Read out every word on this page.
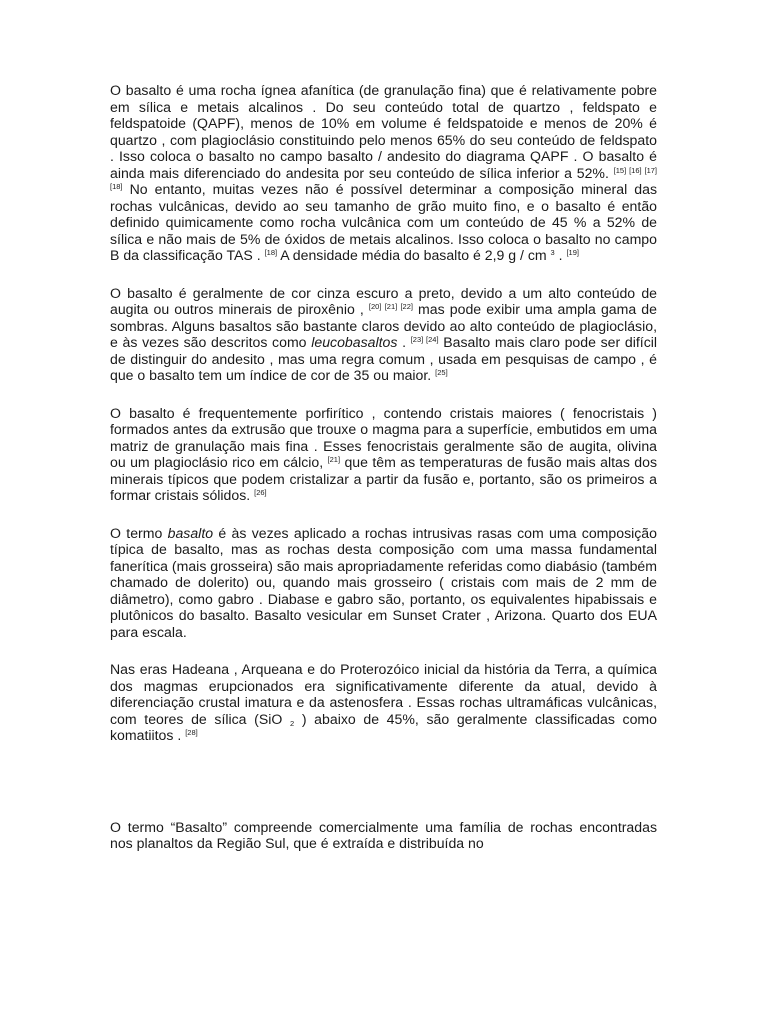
O basalto é uma rocha ígnea afanítica (de granulação fina) que é relativamente pobre em sílica e metais alcalinos . Do seu conteúdo total de quartzo , feldspato e feldspatoide (QAPF), menos de 10% em volume é feldspatoide e menos de 20% é quartzo , com plagioclásio constituindo pelo menos 65% do seu conteúdo de feldspato . Isso coloca o basalto no campo basalto / andesito do diagrama QAPF . O basalto é ainda mais diferenciado do andesita por seu conteúdo de sílica inferior a 52%. [15] [16] [17] [18] No entanto, muitas vezes não é possível determinar a composição mineral das rochas vulcânicas, devido ao seu tamanho de grão muito fino, e o basalto é então definido quimicamente como rocha vulcânica com um conteúdo de 45 % a 52% de sílica e não mais de 5% de óxidos de metais alcalinos. Isso coloca o basalto no campo B da classificação TAS . [18] A densidade média do basalto é 2,9 g / cm $^3$ . [19]

O basalto é geralmente de cor cinza escuro a preto, devido a um alto conteúdo de augita ou outros minerais de piroxênio , [20] [21] [22] mas pode exibir uma ampla gama de sombras. Alguns basaltos são bastante claros devido ao alto conteúdo de plagioclásio, e às vezes são descritos como leucobasaltos . [23] [24] Basalto mais claro pode ser difícil de distinguir do andesito , mas uma regra comum , usada em pesquisas de campo , é que o basalto tem um índice de cor de 35 ou maior. [25]

O basalto é frequentemente porfirítico , contendo cristais maiores ( fenocristais ) formados antes da extrusão que trouxe o magma para a superfície, embutidos em uma matriz de granulação mais fina . Esses fenocristais geralmente são de augita, olivina ou um plagioclásio rico em cálcio, [21] que têm as temperaturas de fusão mais altas dos minerais típicos que podem cristalizar a partir da fusão e, portanto, são os primeiros a formar cristais sólidos. [26]

O termo basalto é às vezes aplicado a rochas intrusivas rasas com uma composição típica de basalto, mas as rochas desta composição com uma massa fundamental fanerítica (mais grosseira) são mais apropriadamente referidas como diabásio (também chamado de dolerito) ou, quando mais grosseiro ( cristais com mais de 2 mm de diâmetro), como gabro . Diabase e gabro são, portanto, os equivalentes hipabissais e plutônicos do basalto. Basalto vesicular em Sunset Crater , Arizona. Quarto dos EUA para escala.

Nas eras Hadeana , Arqueana e do Proterozóico inicial da história da Terra, a química dos magmas erupcionados era significativamente diferente da atual, devido à diferenciação crustal imatura e da astenosfera . Essas rochas ultramáficas vulcânicas, com teores de sílica (SiO $_2$ ) abaixo de 45%, são geralmente classificadas como komatiitos . [28]

O termo “Basalto” compreende comercialmente uma família de rochas encontradas nos planaltos da Região Sul, que é extraída e distribuída no
